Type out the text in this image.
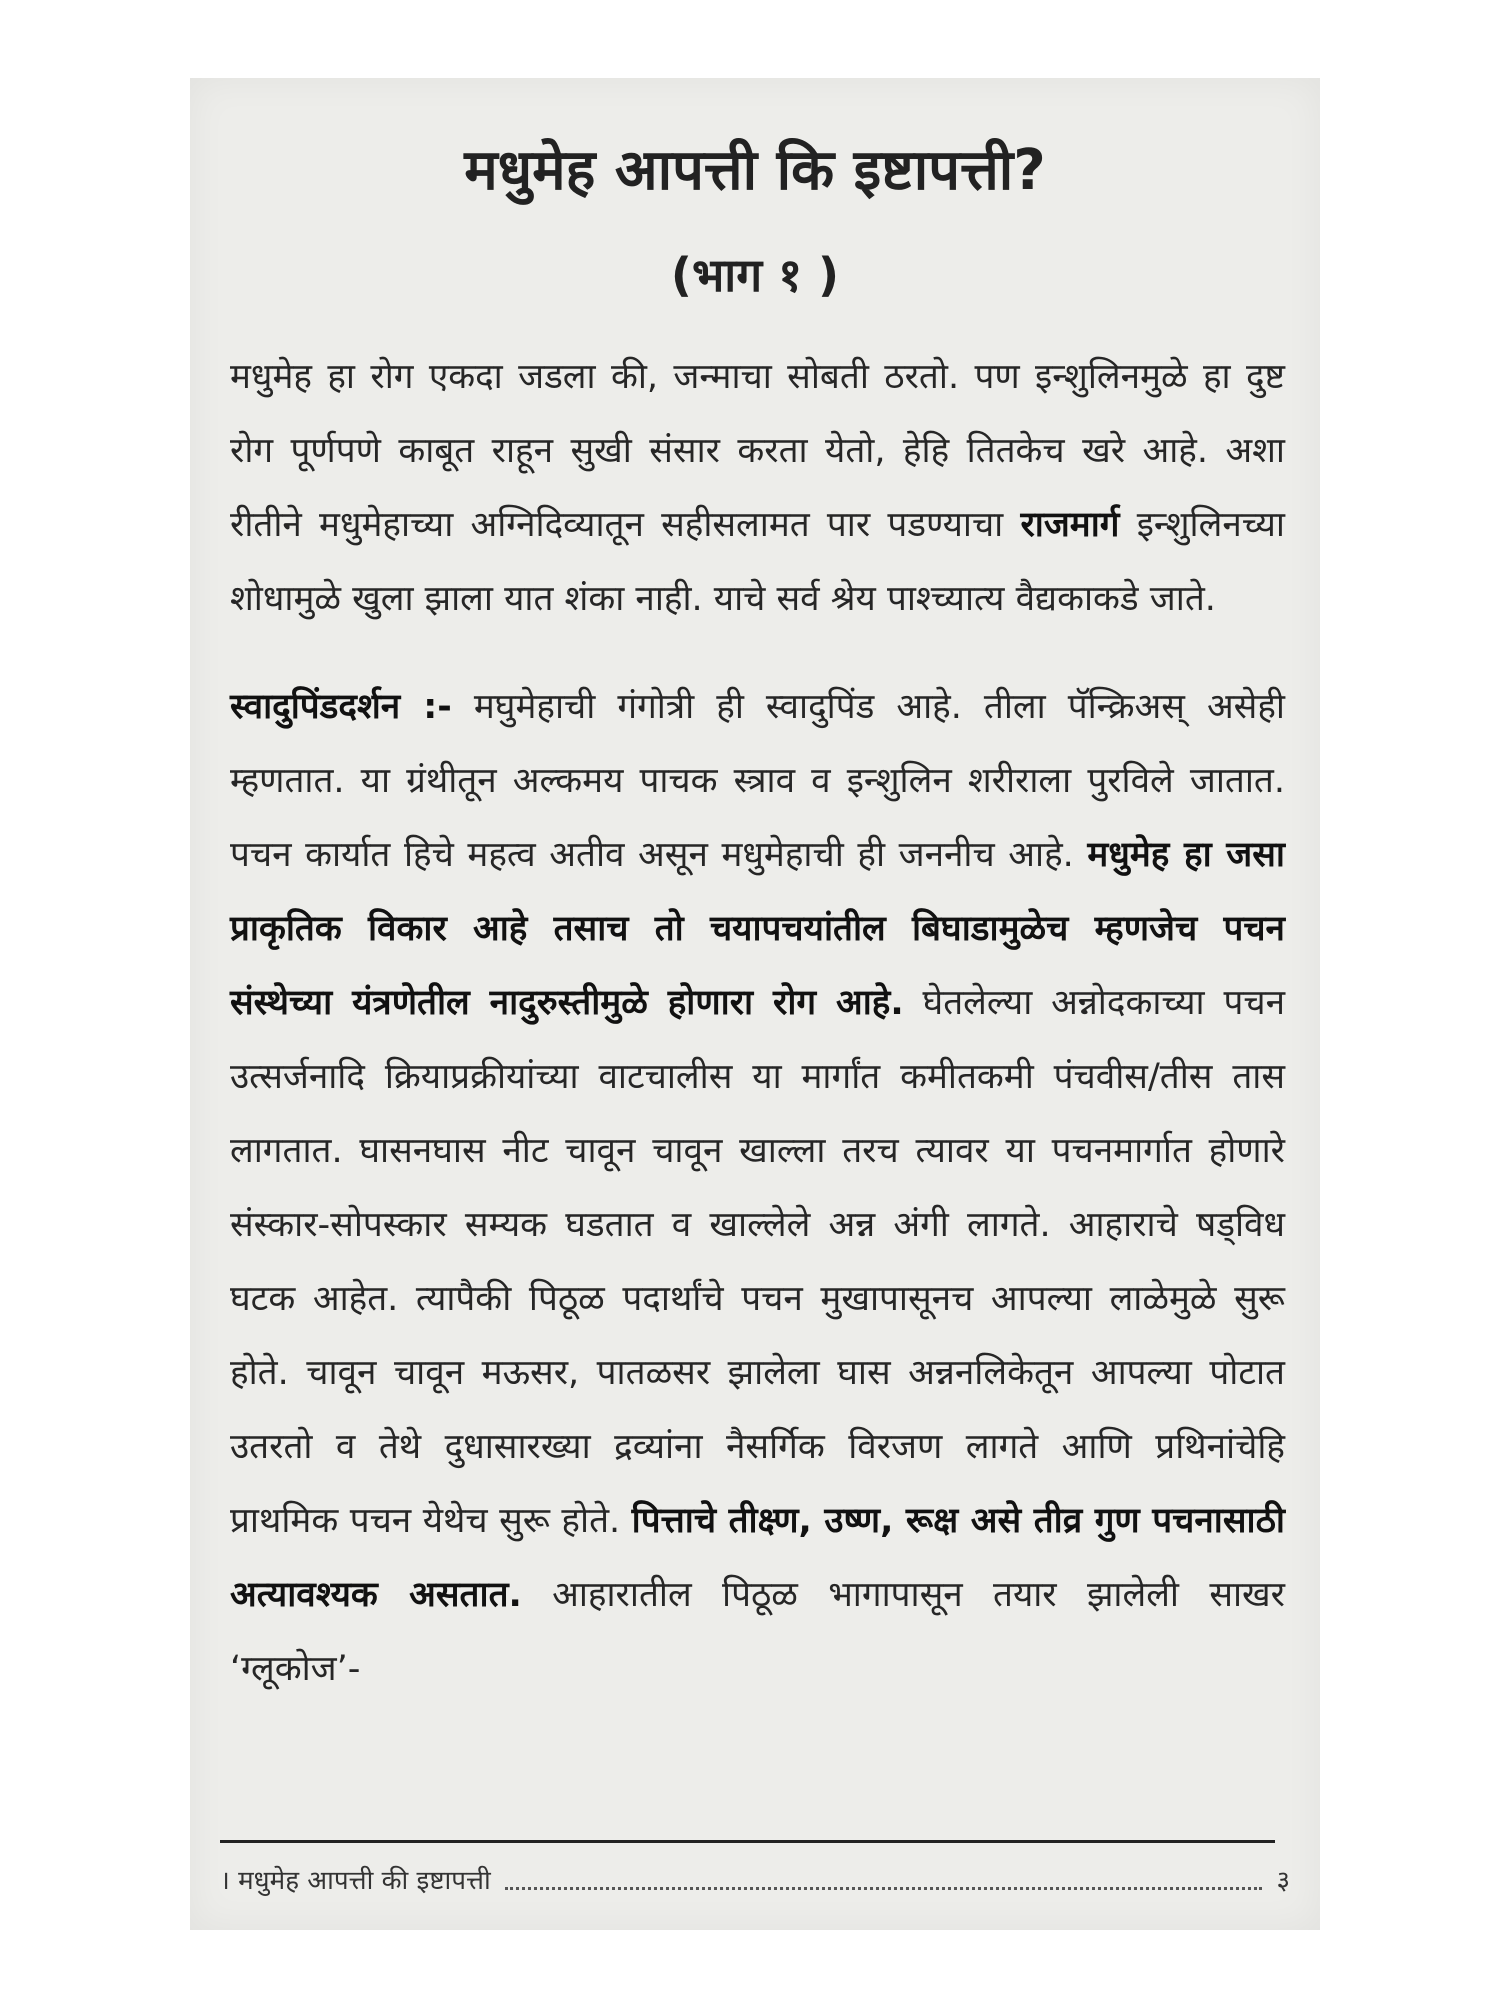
मधुमेह आपत्ती कि इष्टापत्ती?
(भाग १ )

मधुमेह हा रोग एकदा जडला की, जन्माचा सोबती ठरतो. पण इन्शुलिनमुळे हा दुष्ट रोग पूर्णपणे काबूत राहून सुखी संसार करता येतो, हेहि तितकेच खरे आहे. अशा रीतीने मधुमेहाच्या अग्निदिव्यातून सहीसलामत पार पडण्याचा राजमार्ग इन्शुलिनच्या शोधामुळे खुला झाला यात शंका नाही. याचे सर्व श्रेय पाश्च्यात्य वैद्यकाकडे जाते.

स्वादुपिंडदर्शन :- मघुमेहाची गंगोत्री ही स्वादुपिंड आहे. तीला पॅन्क्रिअस् असेही म्हणतात. या ग्रंथीतून अल्कमय पाचक स्त्राव व इन्शुलिन शरीराला पुरविले जातात. पचन कार्यात हिचे महत्व अतीव असून मधुमेहाची ही जननीच आहे. मधुमेह हा जसा प्राकृतिक विकार आहे तसाच तो चयापचयांतील बिघाडामुळेच म्हणजेच पचन संस्थेच्या यंत्रणेतील नादुरुस्तीमुळे होणारा रोग आहे. घेतलेल्या अन्नोदकाच्या पचन उत्सर्जनादि क्रियाप्रक्रीयांच्या वाटचालीस या मार्गांत कमीतकमी पंचवीस/तीस तास लागतात. घासनघास नीट चावून चावून खाल्ला तरच त्यावर या पचनमार्गात होणारे संस्कार-सोपस्कार सम्यक घडतात व खाल्लेले अन्न अंगी लागते. आहाराचे षड्विध घटक आहेत. त्यापैकी पिठूळ पदार्थांचे पचन मुखापासूनच आपल्या लाळेमुळे सुरू होते. चावून चावून मऊसर, पातळसर झालेला घास अन्ननलिकेतून आपल्या पोटात उतरतो व तेथे दुधासारख्या द्रव्यांना नैसर्गिक विरजण लागते आणि प्रथिनांचेहि प्राथमिक पचन येथेच सुरू होते. पित्ताचे तीक्ष्ण, उष्ण, रूक्ष असे तीव्र गुण पचनासाठी अत्यावश्यक असतात. आहारातील पिठूळ भागापासून तयार झालेली साखर ‘ग्लूकोज’-

। मधुमेह आपत्ती की इष्टापत्ती	३
